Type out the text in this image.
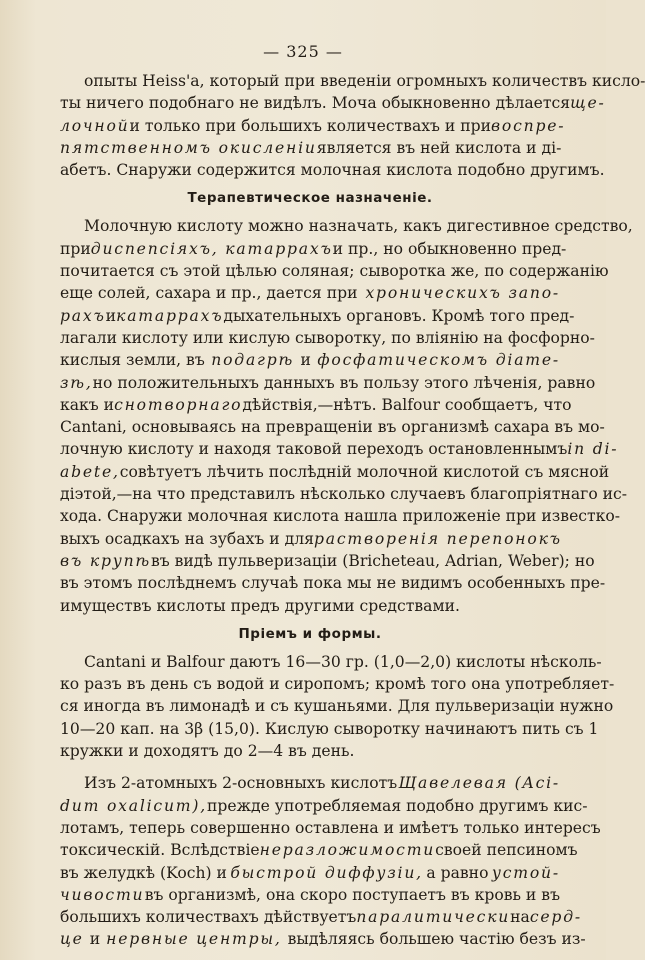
— 325 —
опыты Heiss'а, который при введеніи огромныхъ количествъ кисло-
ты ничего подобнаго не видѣлъ. Моча обыкновенно дѣлается ще-
лочной и только при большихъ количествахъ и при воспре-
пятственномъ окисленіи является въ ней кислота и ді-
абетъ. Снаружи содержится молочная кислота подобно другимъ.
Терапевтическое назначеніе.
Молочную кислоту можно назначать, какъ дигестивное средство,
при диспепсіяхъ, катаррахъ и пр., но обыкновенно пред-
почитается съ этой цѣлью соляная; сыворотка же, по содержанію
еще солей, сахара и пр., дается при хроническихъ запо-
рахъ и катаррахъ дыхательныхъ органовъ. Кромѣ того пред-
лагали кислоту или кислую сыворотку, по вліянію на фосфорно-
кислыя земли, въ подагрѣ и фосфатическомъ діате-
зѣ, но положительныхъ данныхъ въ пользу этого лѣченія, равно
какъ и снотворнаго дѣйствія,—нѣтъ. Balfour сообщаетъ, что
Cantani, основываясь на превращеніи въ организмѣ сахара въ мо-
лочную кислоту и находя таковой переходъ остановленнымъ in di-
abete, совѣтуетъ лѣчить послѣдній молочной кислотой съ мясной
діэтой,—на что представилъ нѣсколько случаевъ благопріятнаго ис-
хода. Снаружи молочная кислота нашла приложеніе при известко-
выхъ осадкахъ на зубахъ и для растворенія перепонокъ
въ крупѣ въ видѣ пульверизаціи (Bricheteau, Adrian, Weber); но
въ этомъ послѣднемъ случаѣ пока мы не видимъ особенныхъ пре-
имуществъ кислоты предъ другими средствами.
Пріемъ и формы.
Cantani и Balfour даютъ 16—30 гр. (1,0—2,0) кислоты нѣсколь-
ко разъ въ день съ водой и сиропомъ; кромѣ того она употребляет-
ся иногда въ лимонадѣ и съ кушаньями. Для пульверизаціи нужно
10—20 кап. на 3β (15,0). Кислую сыворотку начинаютъ пить съ 1
кружки и доходятъ до 2—4 въ день.
Изъ 2-атомныхъ 2-основныхъ кислотъ Щавелевая (Aci-
dum oxalicum), прежде употребляемая подобно другимъ кис-
лотамъ, теперь совершенно оставлена и имѣетъ только интересъ
токсическій. Вслѣдствіе неразложимости своей пепсиномъ
въ желудкѣ (Koch) и быстрой диффузіи, а равно устой-
чивости въ организмѣ, она скоро поступаетъ въ кровь и въ
большихъ количествахъ дѣйствуетъ паралитически на серд-
це и нервные центры, выдѣляясь большею частію безъ из-
